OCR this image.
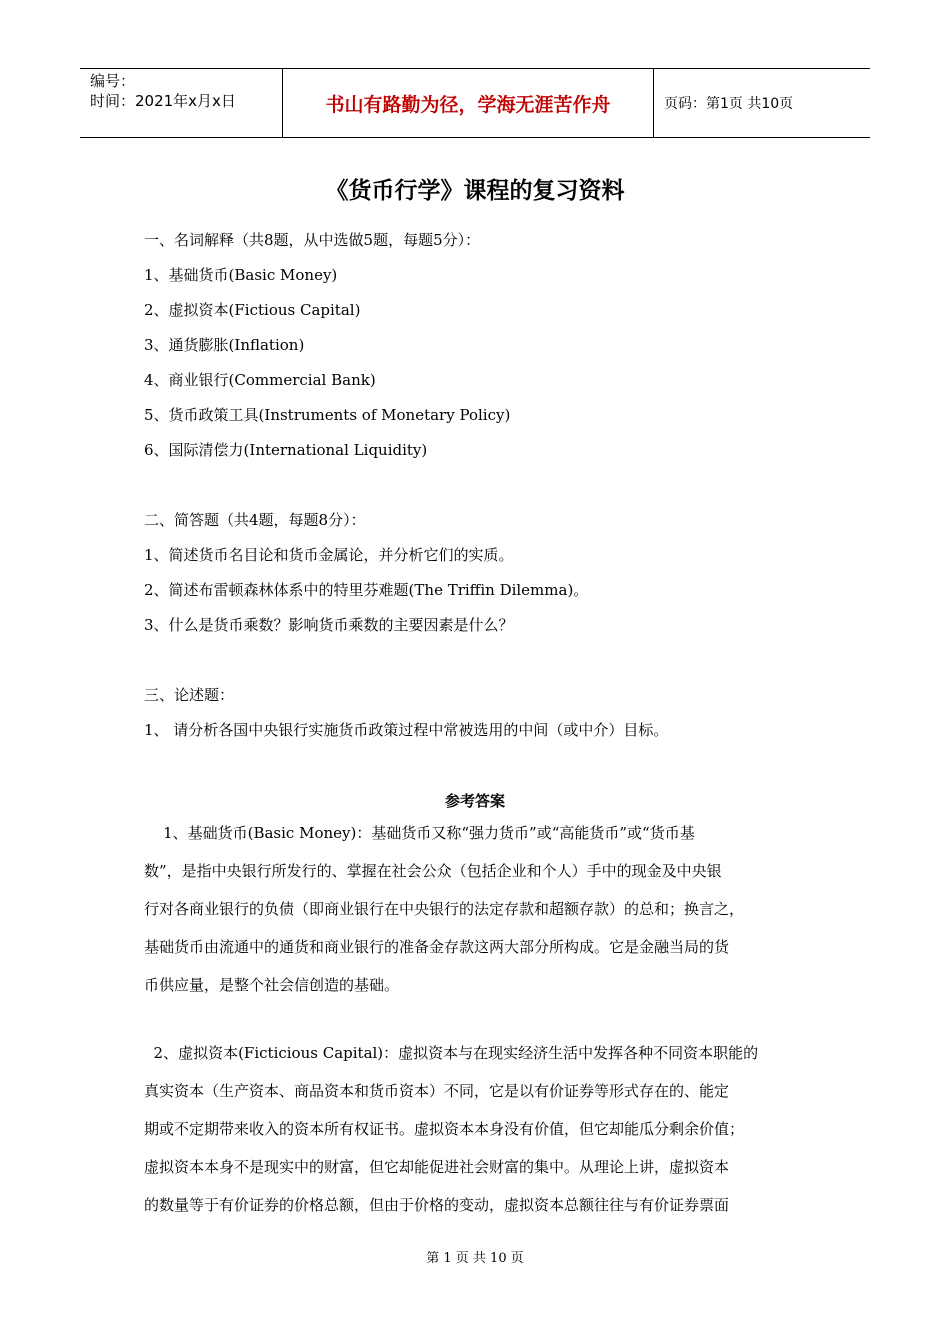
编号：
时间：2021年x月x日	书山有路勤为径，学海无涯苦作舟	页码：第1页 共10页
《货币行学》课程的复习资料
一、名词解释（共8题，从中选做5题，每题5分）：
1、基础货币(Basic Money)
2、虚拟资本(Fictious Capital)
3、通货膨胀(Inflation)
4、商业银行(Commercial Bank)
5、货币政策工具(Instruments of Monetary Policy)
6、国际清偿力(International Liquidity)
二、简答题（共4题，每题8分）：
1、简述货币名目论和货币金属论，并分析它们的实质。
2、简述布雷顿森林体系中的特里芬难题(The Triffin Dilemma)。
3、什么是货币乘数？影响货币乘数的主要因素是什么？
三、论述题：
1、 请分析各国中央银行实施货币政策过程中常被选用的中间（或中介）目标。
参考答案
1、基础货币(Basic Money)：基础货币又称“强力货币”或“高能货币”或“货币基
数”，是指中央银行所发行的、掌握在社会公众（包括企业和个人）手中的现金及中央银
行对各商业银行的负债（即商业银行在中央银行的法定存款和超额存款）的总和；换言之，
基础货币由流通中的通货和商业银行的准备金存款这两大部分所构成。它是金融当局的货
币供应量，是整个社会信创造的基础。
2、虚拟资本(Ficticious Capital)：虚拟资本与在现实经济生活中发挥各种不同资本职能的
真实资本（生产资本、商品资本和货币资本）不同，它是以有价证券等形式存在的、能定
期或不定期带来收入的资本所有权证书。虚拟资本本身没有价值，但它却能瓜分剩余价值；
虚拟资本本身不是现实中的财富，但它却能促进社会财富的集中。从理论上讲，虚拟资本
的数量等于有价证券的价格总额，但由于价格的变动，虚拟资本总额往往与有价证券票面
第 1 页 共 10 页
